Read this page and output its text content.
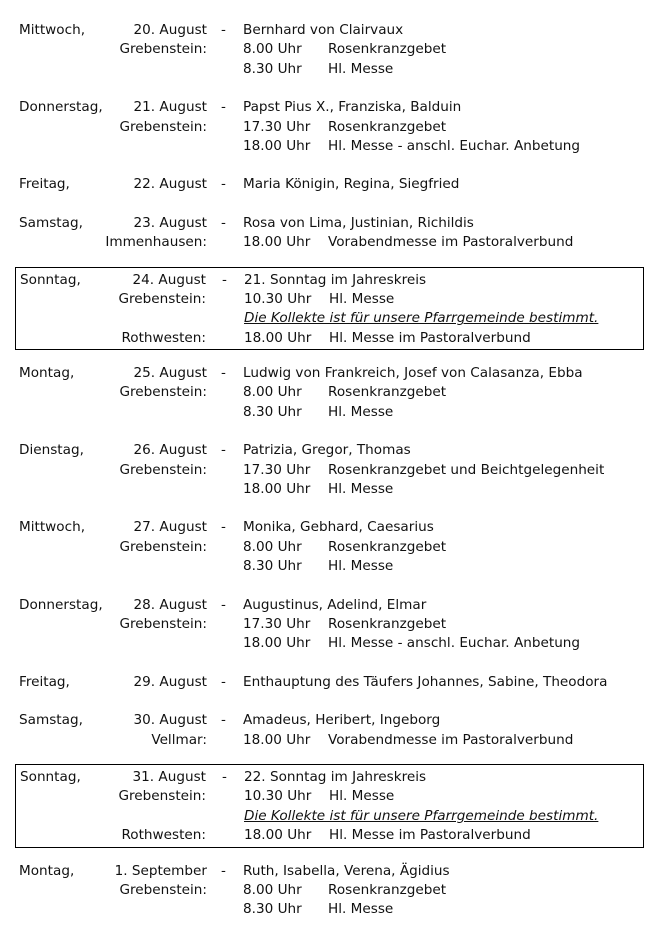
Mittwoch,	20. August - Bernhard von Clairvaux
Grebenstein:	8.00 Uhr Rosenkranzgebet
8.30 Uhr Hl. Messe
Donnerstag, 21. August - Papst Pius X., Franziska, Balduin
Grebenstein:	17.30 Uhr Rosenkranzgebet
18.00 Uhr Hl. Messe - anschl. Euchar. Anbetung
Freitag,	22. August - Maria Königin, Regina, Siegfried
Samstag,	23. August - Rosa von Lima, Justinian, Richildis
Immenhausen:	18.00 Uhr Vorabendmesse im Pastoralverbund
Sonntag,	24. August - 21. Sonntag im Jahreskreis
Grebenstein:	10.30 Uhr Hl. Messe
Die Kollekte ist für unsere Pfarrgemeinde bestimmt.
Rothwesten:	18.00 Uhr Hl. Messe im Pastoralverbund
Montag,	25. August - Ludwig von Frankreich, Josef von Calasanza, Ebba
Grebenstein:	8.00 Uhr Rosenkranzgebet
8.30 Uhr Hl. Messe
Dienstag,	26. August - Patrizia, Gregor, Thomas
Grebenstein:	17.30 Uhr Rosenkranzgebet und Beichtgelegenheit
18.00 Uhr Hl. Messe
Mittwoch,	27. August - Monika, Gebhard, Caesarius
Grebenstein:	8.00 Uhr Rosenkranzgebet
8.30 Uhr Hl. Messe
Donnerstag, 28. August - Augustinus, Adelind, Elmar
Grebenstein:	17.30 Uhr Rosenkranzgebet
18.00 Uhr Hl. Messe - anschl. Euchar. Anbetung
Freitag,	29. August - Enthauptung des Täufers Johannes, Sabine, Theodora
Samstag,	30. August - Amadeus, Heribert, Ingeborg
Vellmar:	18.00 Uhr Vorabendmesse im Pastoralverbund
Sonntag,	31. August - 22. Sonntag im Jahreskreis
Grebenstein:	10.30 Uhr Hl. Messe
Die Kollekte ist für unsere Pfarrgemeinde bestimmt.
Rothwesten:	18.00 Uhr Hl. Messe im Pastoralverbund
Montag,	1. September - Ruth, Isabella, Verena, Ägidius
Grebenstein:	8.00 Uhr Rosenkranzgebet
8.30 Uhr Hl. Messe
